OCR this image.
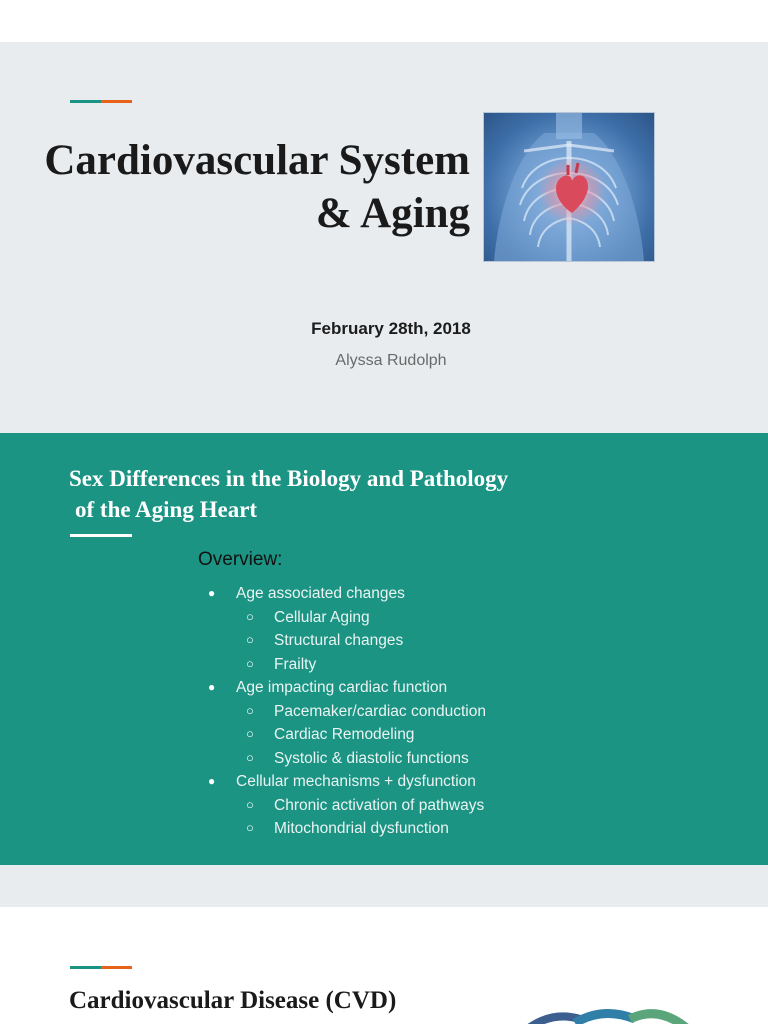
Cardiovascular System
& Aging
February 28th, 2018
Alyssa Rudolph
Sex Differences in the Biology and Pathology
of the Aging Heart
Overview:
● Age associated changes
○ Cellular Aging
○ Structural changes
○ Frailty
● Age impacting cardiac function
○ Pacemaker/cardiac conduction
○ Cardiac Remodeling
○ Systolic & diastolic functions
● Cellular mechanisms + dysfunction
○ Chronic activation of pathways
○ Mitochondrial dysfunction
Cardiovascular Disease (CVD)
